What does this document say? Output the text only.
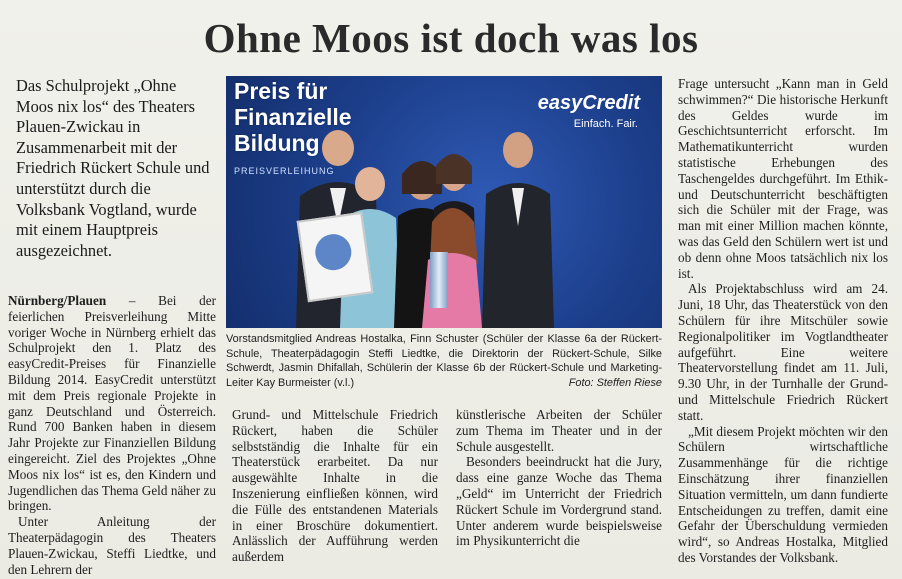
Ohne Moos ist doch was los
Das Schulprojekt „Ohne Moos nix los“ des Theaters Plauen-Zwickau in Zusammenarbeit mit der Friedrich Rückert Schule und unterstützt durch die Volksbank Vogtland, wurde mit einem Hauptpreis ausgezeichnet.

Nürnberg/Plauen – Bei der feierlichen Preisverleihung Mitte voriger Woche in Nürnberg erhielt das Schulprojekt den 1. Platz des easyCredit-Preises für Finanzielle Bildung 2014. EasyCredit unterstützt mit dem Preis regionale Projekte in ganz Deutschland und Österreich. Rund 700 Banken haben in diesem Jahr Projekte zur Finanziellen Bildung eingereicht. Ziel des Projektes „Ohne Moos nix los“ ist es, den Kindern und Jugendlichen das Thema Geld näher zu bringen.

Unter Anleitung der Theaterpädagogin des Theaters Plauen-Zwickau, Steffi Liedtke, und den Lehrern der

Preis für
Finanzielle
Bildung
PREISVERLEIHUNG
easyCredit
Einfach. Fair.
Vorstandsmitglied Andreas Hostalka, Finn Schuster (Schüler der Klasse 6a der Rückert-Schule, Theaterpädagogin Steffi Liedtke, die Direktorin der Rückert-Schule, Silke Schwerdt, Jasmin Dhifallah, Schülerin der Klasse 6b der Rückert-Schule und Marketing-Leiter Kay Burmeister (v.l.)	Foto: Steffen Riese

Grund- und Mittelschule Friedrich Rückert, haben die Schüler selbstständig die Inhalte für ein Theaterstück erarbeitet. Da nur ausgewählte Inhalte in die Inszenierung einfließen können, wird die Fülle des entstandenen Materials in einer Broschüre dokumentiert. Anlässlich der Aufführung werden außerdem

künstlerische Arbeiten der Schüler zum Thema im Theater und in der Schule ausgestellt.

Besonders beeindruckt hat die Jury, dass eine ganze Woche das Thema „Geld“ im Unterricht der Friedrich Rückert Schule im Vordergrund stand. Unter anderem wurde beispielsweise im Physikunterricht die

Frage untersucht „Kann man in Geld schwimmen?“ Die historische Herkunft des Geldes wurde im Geschichtsunterricht erforscht. Im Mathematikunterricht wurden statistische Erhebungen des Taschengeldes durchgeführt. Im Ethik- und Deutschunterricht beschäftigten sich die Schüler mit der Frage, was man mit einer Million machen könnte, was das Geld den Schülern wert ist und ob denn ohne Moos tatsächlich nix los ist.

Als Projektabschluss wird am 24. Juni, 18 Uhr, das Theaterstück von den Schülern für ihre Mitschüler sowie Regionalpolitiker im Vogtlandtheater aufgeführt. Eine weitere Theatervorstellung findet am 11. Juli, 9.30 Uhr, in der Turnhalle der Grund- und Mittelschule Friedrich Rückert statt.

„Mit diesem Projekt möchten wir den Schülern wirtschaftliche Zusammenhänge für die richtige Einschätzung ihrer finanziellen Situation vermitteln, um dann fundierte Entscheidungen zu treffen, damit eine Gefahr der Überschuldung vermieden wird“, so Andreas Hostalka, Mitglied des Vorstandes der Volksbank.
